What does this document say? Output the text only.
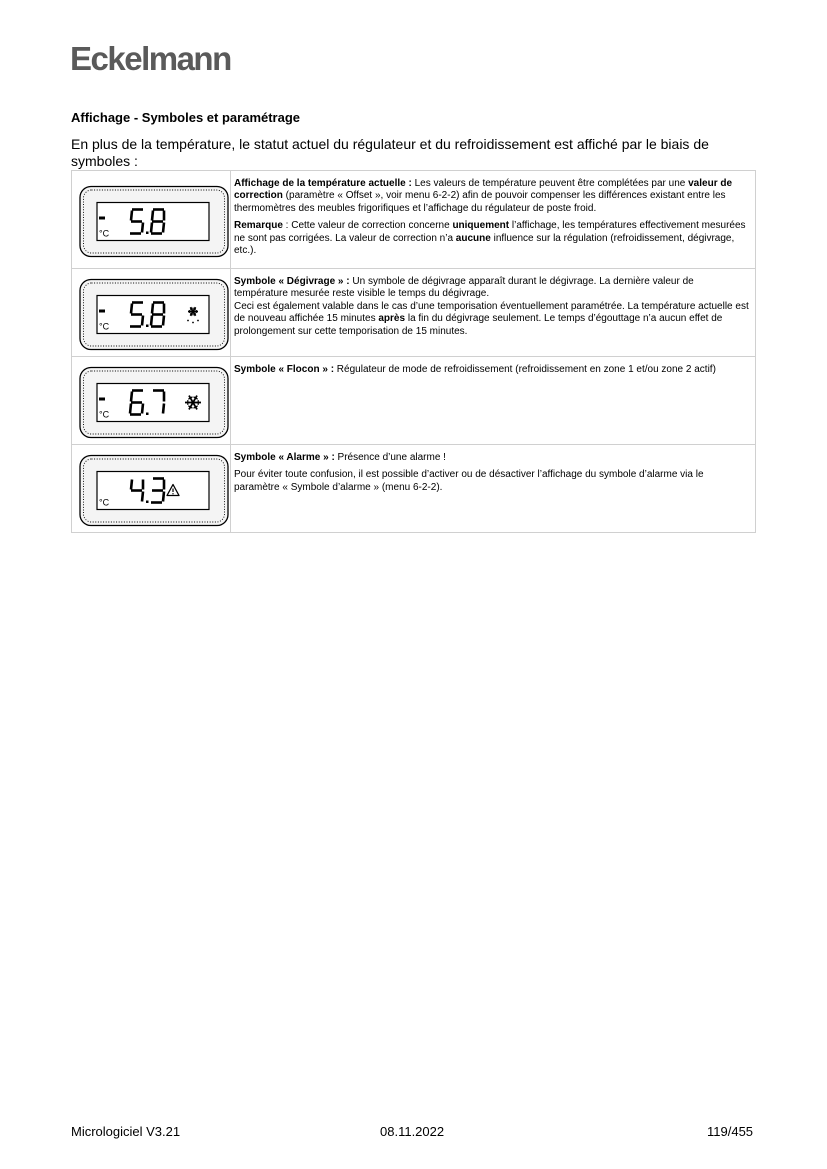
Eckelmann
Affichage - Symboles et paramétrage
En plus de la température, le statut actuel du régulateur et du refroidissement est affiché par le biais de symboles :
°C	Affichage de la température actuelle : Les valeurs de température peuvent être complétées par une valeur de correction (paramètre « Offset », voir menu 6-2-2) afin de pouvoir compenser les différences existant entre les thermomètres des meubles frigorifiques et l’affichage du régulateur de poste froid.

Remarque : Cette valeur de correction concerne uniquement l’affichage, les températures effectivement mesurées ne sont pas corrigées. La valeur de correction n’a aucune influence sur la régulation (refroidissement, dégivrage, etc.).

°C	Symbole « Dégivrage » : Un symbole de dégivrage apparaît durant le dégivrage. La dernière valeur de température mesurée reste visible le temps du dégivrage.

Ceci est également valable dans le cas d’une temporisation éventuellement paramétrée. La température actuelle est de nouveau affichée 15 minutes après la fin du dégivrage seulement. Le temps d’égouttage n’a aucun effet de prolongement sur cette temporisation de 15 minutes.

°C	Symbole « Flocon » : Régulateur de mode de refroidissement (refroidissement en zone 1 et/ou zone 2 actif)

°C	Symbole « Alarme » : Présence d’une alarme !

Pour éviter toute confusion, il est possible d’activer ou de désactiver l’affichage du symbole d’alarme via le paramètre « Symbole d’alarme » (menu 6-2-2).

Micrologiciel V3.21	08.11.2022	119/455
